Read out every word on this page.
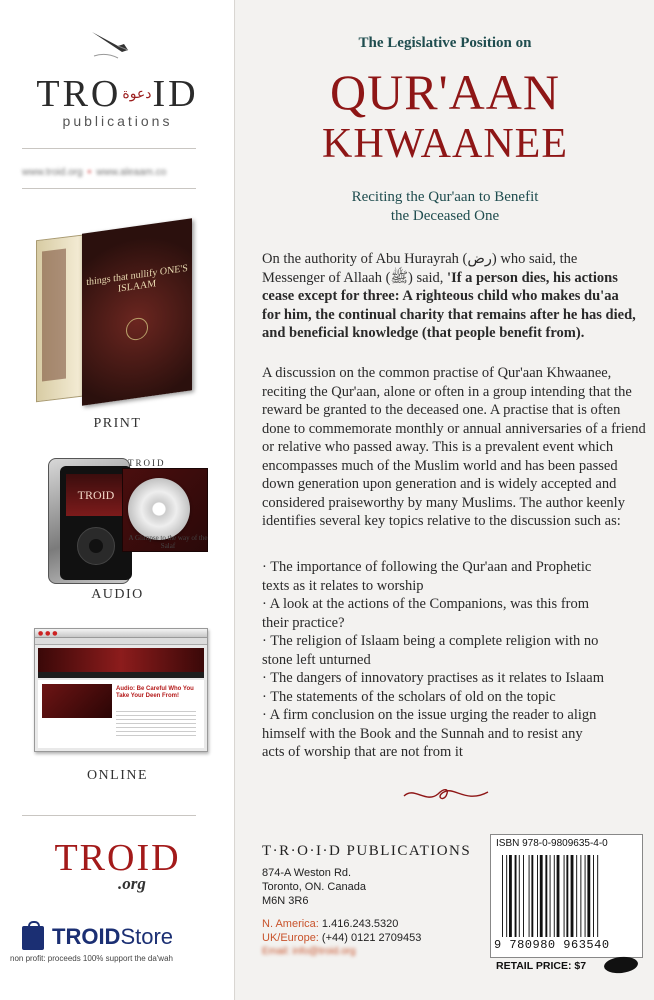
$TRO^{دعوة}ID$
publications
www.troid.org • www.aleaam.co
things that nullify ONE'S ISLAAM
PRINT
TROID
TROID
A Glimpse to the way of the Salaf
AUDIO
● ● ●
Audio: Be Careful Who You Take Your Deen From!
ONLINE
TROID
.org
TROIDStore
non profit: proceeds 100% support the da'wah
The Legislative Position on
QUR'AAN
KHWAANEE
Reciting the Qur'aan to Benefit
the Deceased One
On the authority of Abu Hurayrah (رض) who said, the
Messenger of Allaah (ﷺ) said, 'If a person dies, his actions
cease except for three: A righteous child who makes du'aa
for him, the continual charity that remains after he has died,
and beneficial knowledge (that people benefit from).
A discussion on the common practise of Qur'aan Khwaanee,
reciting the Qur'aan, alone or often in a group intending that the
reward be granted to the deceased one. A practise that is often
done to commemorate monthly or annual anniversaries of a friend
or relative who passed away. This is a prevalent event which
encompasses much of the Muslim world and has been passed
down generation upon generation and is widely accepted and
considered praiseworthy by many Muslims. The author keenly
identifies several key topics relative to the discussion such as:
· The importance of following the Qur'aan and Prophetic
texts as it relates to worship
· A look at the actions of the Companions, was this from
their practice?
· The religion of Islaam being a complete religion with no
stone left unturned
· The dangers of innovatory practises as it relates to Islaam
· The statements of the scholars of old on the topic
· A firm conclusion on the issue urging the reader to align
himself with the Book and the Sunnah and to resist any
acts of worship that are not from it
T·R·O·I·D PUBLICATIONS
874-A Weston Rd.
Toronto, ON. Canada
M6N 3R6
N. America: 1.416.243.5320
UK/Europe: (+44) 0121 2709453
Email: info@troid.org
ISBN 978-0-9809635-4-0
9 780980 963540
RETAIL PRICE: $7
